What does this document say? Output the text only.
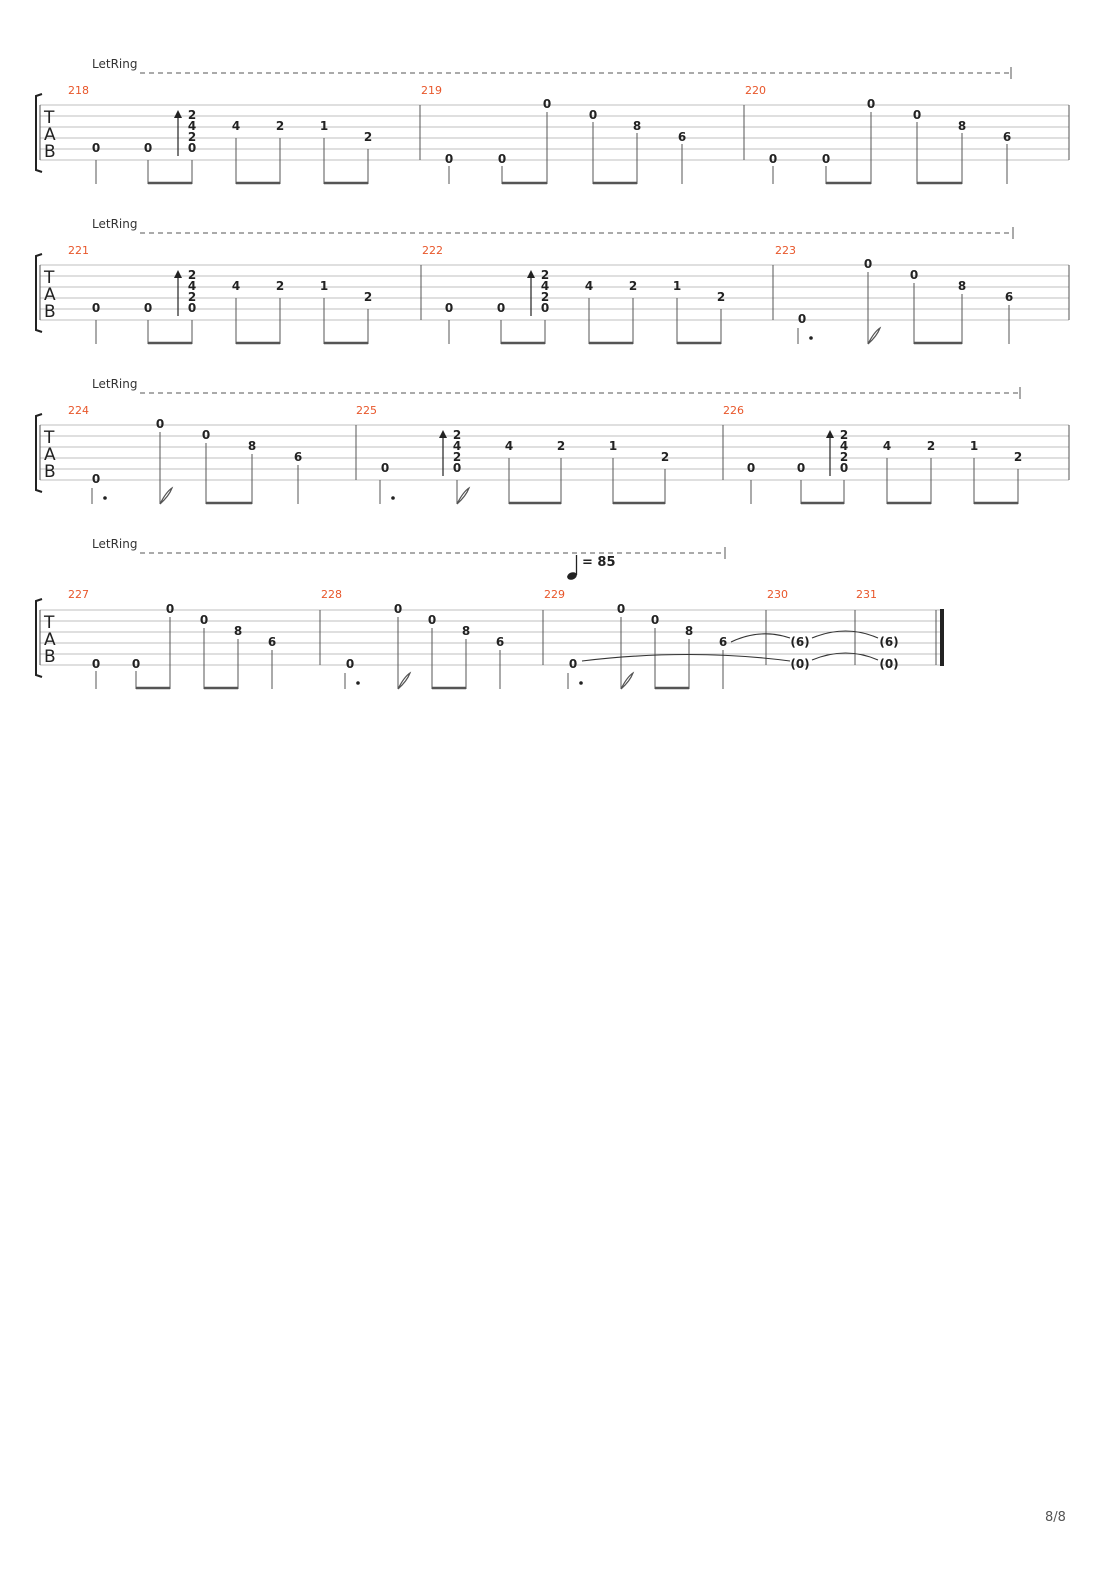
LetRing
T
A
B
218
0	0
2
4
2
0
4	2	1
2
219
0	0
0
0
8
6
220
0	0
0
0
8
6
LetRing
T
A
B
221
0	0
2
4
2
0
4	2	1
2
222
0	0
2
4
2
0
4	2	1
2
223
0
0
0
8
6
LetRing
T
A
B
224
0
0
0
8
6
225
0
2
4
2
0
4	2	1
2
226
0	0
2
4
2
0
4	2	1
2
LetRing
= 85
T
A
B
227
0	0
0
0
8
6
228
0
0
0
8
6
229
0
0
0
8
6
230
(6)
(0)
231
(6)
(0)
8/8
